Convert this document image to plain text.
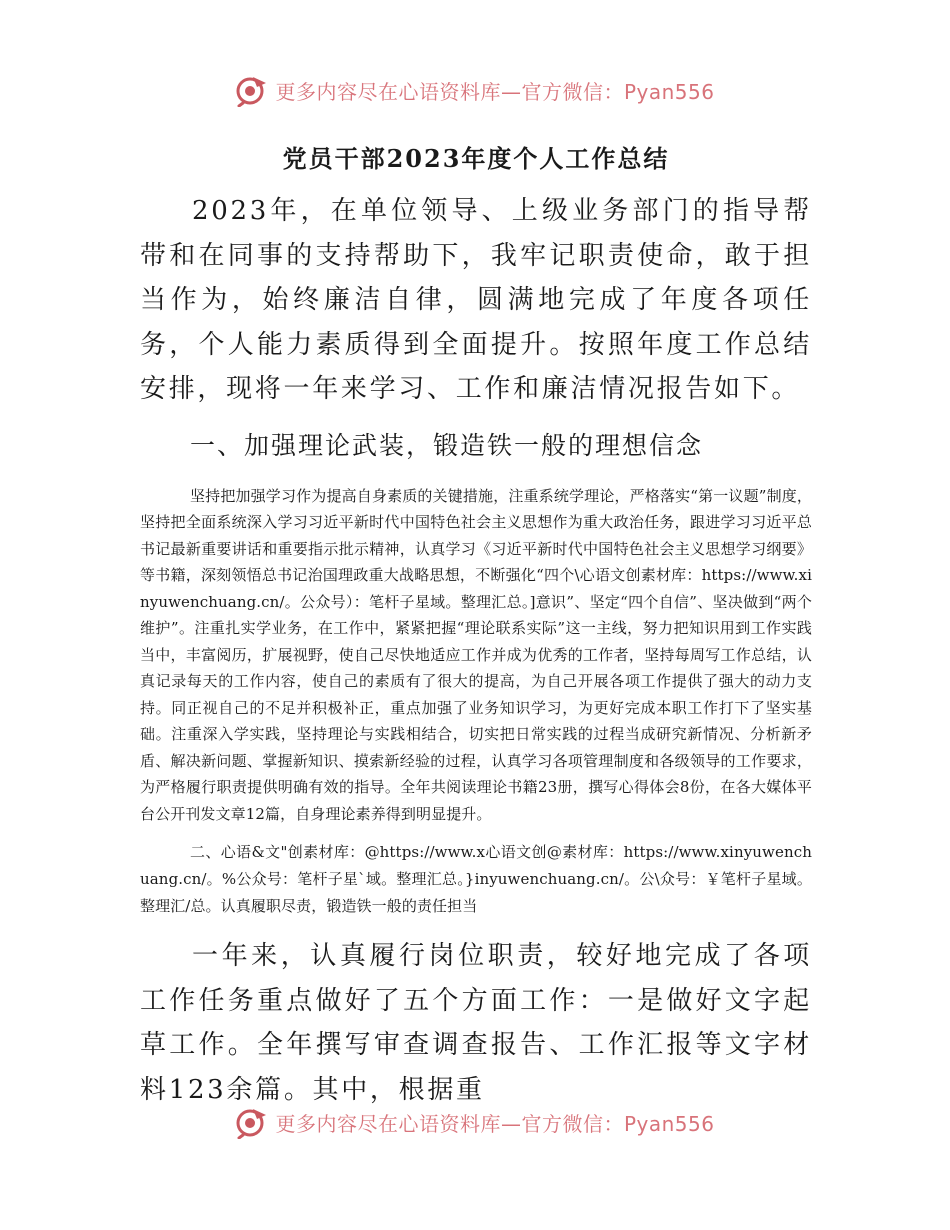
更多内容尽在心语资料库—官方微信：Pyan556
党员干部2023年度个人工作总结

2023年，在单位领导、上级业务部门的指导帮带和在同事的支持帮助下，我牢记职责使命，敢于担当作为，始终廉洁自律，圆满地完成了年度各项任务，个人能力素质得到全面提升。按照年度工作总结安排，现将一年来学习、工作和廉洁情况报告如下。

一、加强理论武装，锻造铁一般的理想信念

坚持把加强学习作为提高自身素质的关键措施，注重系统学理论，严格落实“第一议题”制度，坚持把全面系统深入学习习近平新时代中国特色社会主义思想作为重大政治任务，跟进学习习近平总书记最新重要讲话和重要指示批示精神，认真学习《习近平新时代中国特色社会主义思想学习纲要》等书籍，深刻领悟总书记治国理政重大战略思想，不断强化“四个\心语文创素材库：https://www.xinyuwenchuang.cn/。公众号）：笔杆子星域。整理汇总。]意识”、坚定“四个自信”、坚决做到“两个维护”。注重扎实学业务，在工作中，紧紧把握“理论联系实际”这一主线，努力把知识用到工作实践当中，丰富阅历，扩展视野，使自己尽快地适应工作并成为优秀的工作者，坚持每周写工作总结，认真记录每天的工作内容，使自己的素质有了很大的提高，为自己开展各项工作提供了强大的动力支持。同正视自己的不足并积极补正，重点加强了业务知识学习，为更好完成本职工作打下了坚实基础。注重深入学实践，坚持理论与实践相结合，切实把日常实践的过程当成研究新情况、分析新矛盾、解决新问题、掌握新知识、摸索新经验的过程，认真学习各项管理制度和各级领导的工作要求，为严格履行职责提供明确有效的指导。全年共阅读理论书籍23册，撰写心得体会8份，在各大媒体平台公开刊发文章12篇，自身理论素养得到明显提升。

二、心语&文"创素材库：@https://www.x心语文创@素材库：https://www.xinyuwenchuang.cn/。%公众号：笔杆子星`域。整理汇总。}inyuwenchuang.cn/。公\众号：￥笔杆子星域。整理汇/总。认真履职尽责，锻造铁一般的责任担当

一年来，认真履行岗位职责，较好地完成了各项工作任务重点做好了五个方面工作：一是做好文字起草工作。全年撰写审查调查报告、工作汇报等文字材料123余篇。其中，根据重

更多内容尽在心语资料库—官方微信：Pyan556
